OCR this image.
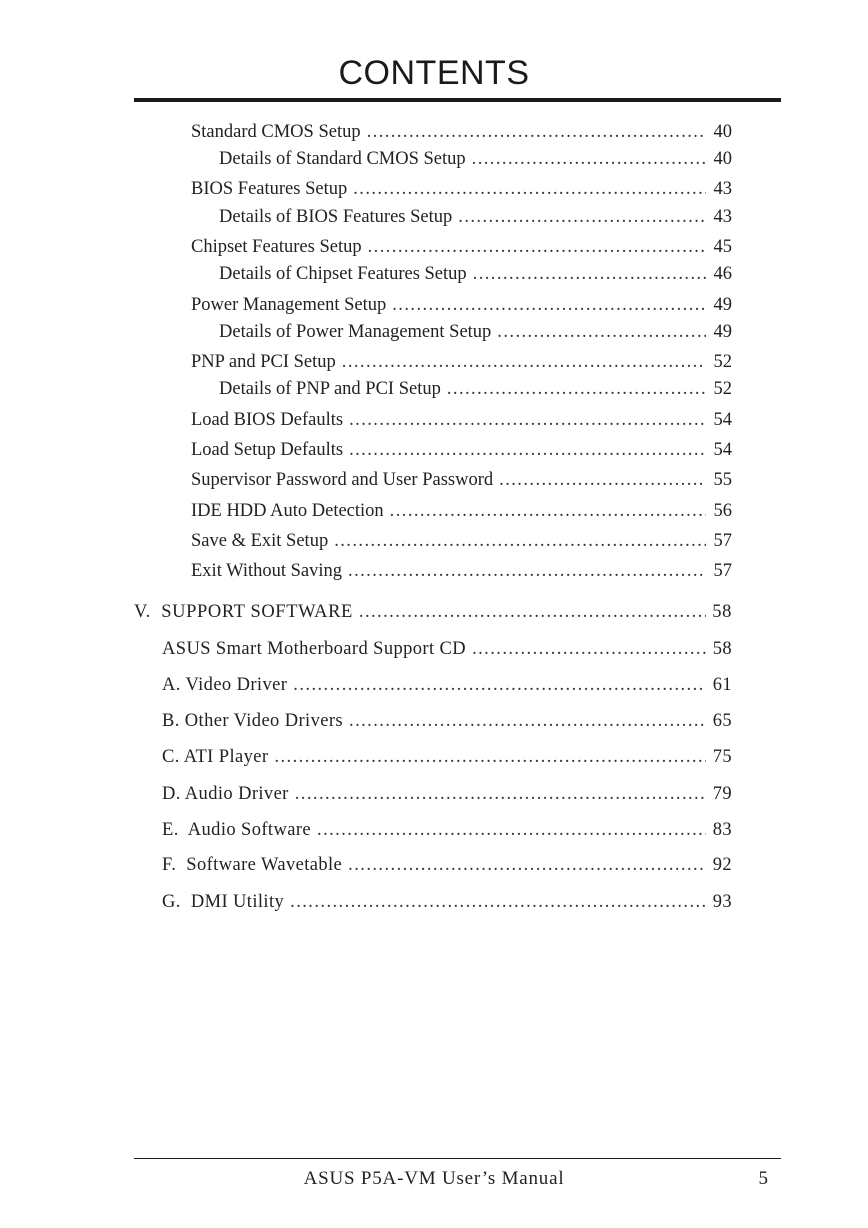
CONTENTS
Standard CMOS Setup . . .	40
Details of Standard CMOS Setup . . .	40
BIOS Features Setup . . .	43
Details of BIOS Features Setup . . .	43
Chipset Features Setup . . .	45
Details of Chipset Features Setup . . .	46
Power Management Setup . . .	49
Details of Power Management Setup . . .	49
PNP and PCI Setup . . .	52
Details of PNP and PCI Setup . . .	52
Load BIOS Defaults . . .	54
Load Setup Defaults . . .	54
Supervisor Password and User Password . . .	55
IDE HDD Auto Detection . . .	56
Save & Exit Setup . . .	57
Exit Without Saving . . .	57
V.  SUPPORT SOFTWARE . . .	58
ASUS Smart Motherboard Support CD . . .	58
A. Video Driver . . .	61
B. Other Video Drivers . . .	65
C. ATI Player . . .	75
D. Audio Driver . . .	79
E.  Audio Software . . .	83
F.  Software Wavetable . . .	92
G.  DMI Utility . . .	93
ASUS P5A-VM User’s Manual	5
